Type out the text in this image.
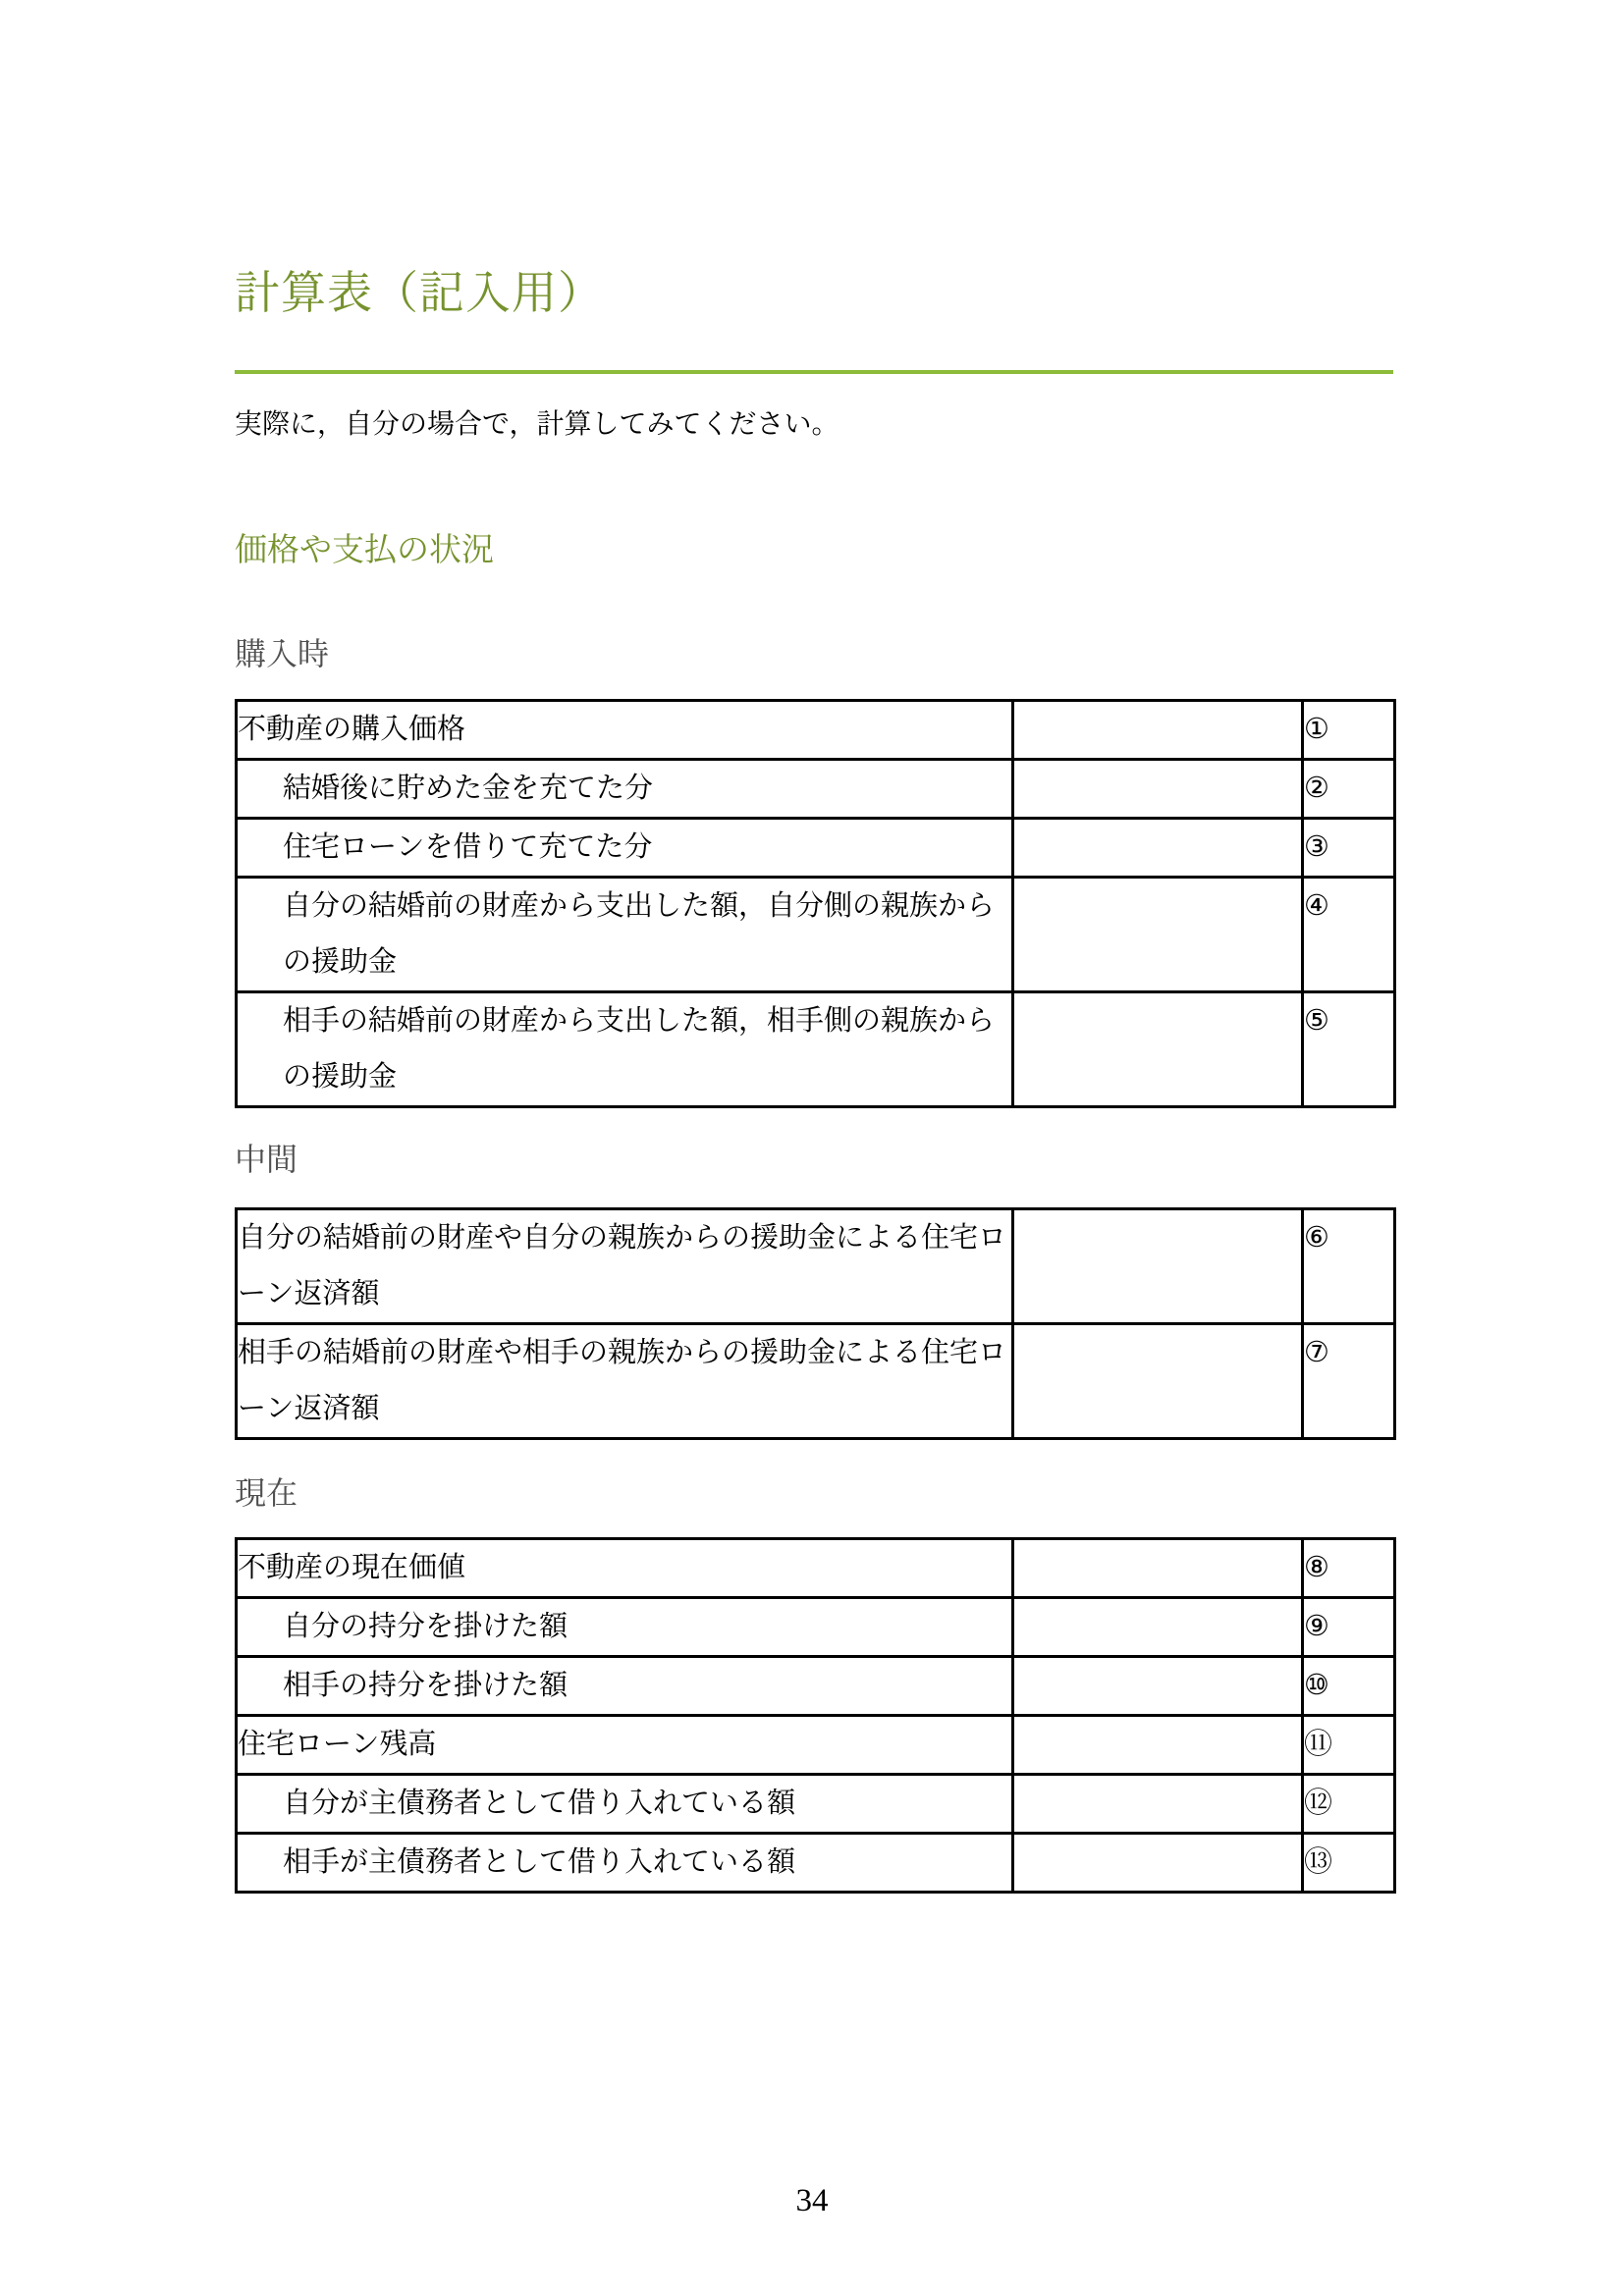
計算表（記入用）

実際に，自分の場合で，計算してみてください。

価格や支払の状況
購入時
不動産の購入価格		①
結婚後に貯めた金を充てた分		②
住宅ローンを借りて充てた分		③
自分の結婚前の財産から支出した額，自分側の親族からの援助金		④
相手の結婚前の財産から支出した額，相手側の親族からの援助金		⑤
中間
自分の結婚前の財産や自分の親族からの援助金による住宅ローン返済額		⑥
相手の結婚前の財産や相手の親族からの援助金による住宅ローン返済額		⑦
現在
不動産の現在価値		⑧
自分の持分を掛けた額		⑨
相手の持分を掛けた額		⑩
住宅ローン残高		⑪
自分が主債務者として借り入れている額		⑫
相手が主債務者として借り入れている額		⑬
34
